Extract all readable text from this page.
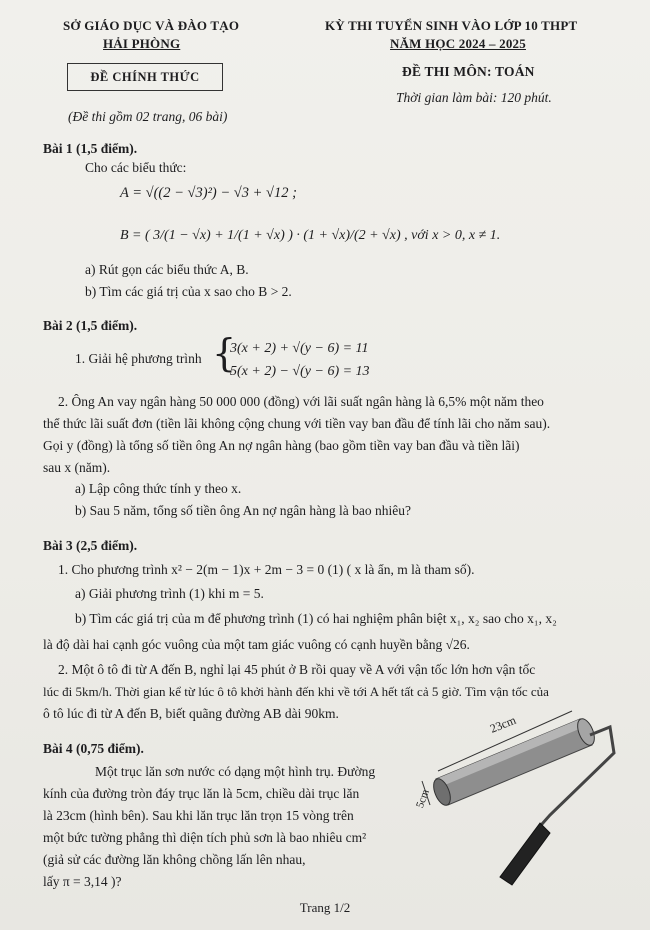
SỞ GIÁO DỤC VÀ ĐÀO TẠO
HẢI PHÒNG
KỲ THI TUYỂN SINH VÀO LỚP 10 THPT
NĂM HỌC 2024 – 2025
ĐỀ CHÍNH THỨC	ĐỀ THI MÔN: TOÁN
Thời gian làm bài: 120 phút.
(Đề thi gồm 02 trang, 06 bài)
Bài 1 (1,5 điểm).
Cho các biểu thức:
A = √((2 − √3)²) − √3 + √12 ;
B = ( 3/(1 − √x) + 1/(1 + √x) ) · (1 + √x)/(2 + √x) , với x > 0, x ≠ 1.
a) Rút gọn các biểu thức A, B.
b) Tìm các giá trị của x sao cho B > 2.
Bài 2 (1,5 điểm).
1. Giải hệ phương trình {
3(x + 2) + √(y − 6) = 11
5(x + 2) − √(y − 6) = 13
2. Ông An vay ngân hàng 50 000 000 (đồng) với lãi suất ngân hàng là 6,5% một năm theo
thể thức lãi suất đơn (tiền lãi không cộng chung với tiền vay ban đầu để tính lãi cho năm sau).
Gọi y (đồng) là tổng số tiền ông An nợ ngân hàng (bao gồm tiền vay ban đầu và tiền lãi)
sau x (năm).
a) Lập công thức tính y theo x.
b) Sau 5 năm, tổng số tiền ông An nợ ngân hàng là bao nhiêu?
Bài 3 (2,5 điểm).
1. Cho phương trình x² − 2(m − 1)x + 2m − 3 = 0 (1) ( x là ẩn, m là tham số).
a) Giải phương trình (1) khi m = 5.
b) Tìm các giá trị của m để phương trình (1) có hai nghiệm phân biệt x₁, x₂ sao cho x₁, x₂
là độ dài hai cạnh góc vuông của một tam giác vuông có cạnh huyền bằng √26.
2. Một ô tô đi từ A đến B, nghỉ lại 45 phút ở B rồi quay về A với vận tốc lớn hơn vận tốc
lúc đi 5km/h. Thời gian kể từ lúc ô tô khởi hành đến khi về tới A hết tất cả 5 giờ. Tìm vận tốc của
ô tô lúc đi từ A đến B, biết quãng đường AB dài 90km.
Bài 4 (0,75 điểm).
Một trục lăn sơn nước có dạng một hình trụ. Đường
kính của đường tròn đáy trục lăn là 5cm, chiều dài trục lăn
là 23cm (hình bên). Sau khi lăn trục lăn trọn 15 vòng trên
một bức tường phẳng thì diện tích phủ sơn là bao nhiêu cm²
(giả sử các đường lăn không chồng lấn lên nhau,
lấy π = 3,14 )?
23cm
5cm
Trang 1/2
